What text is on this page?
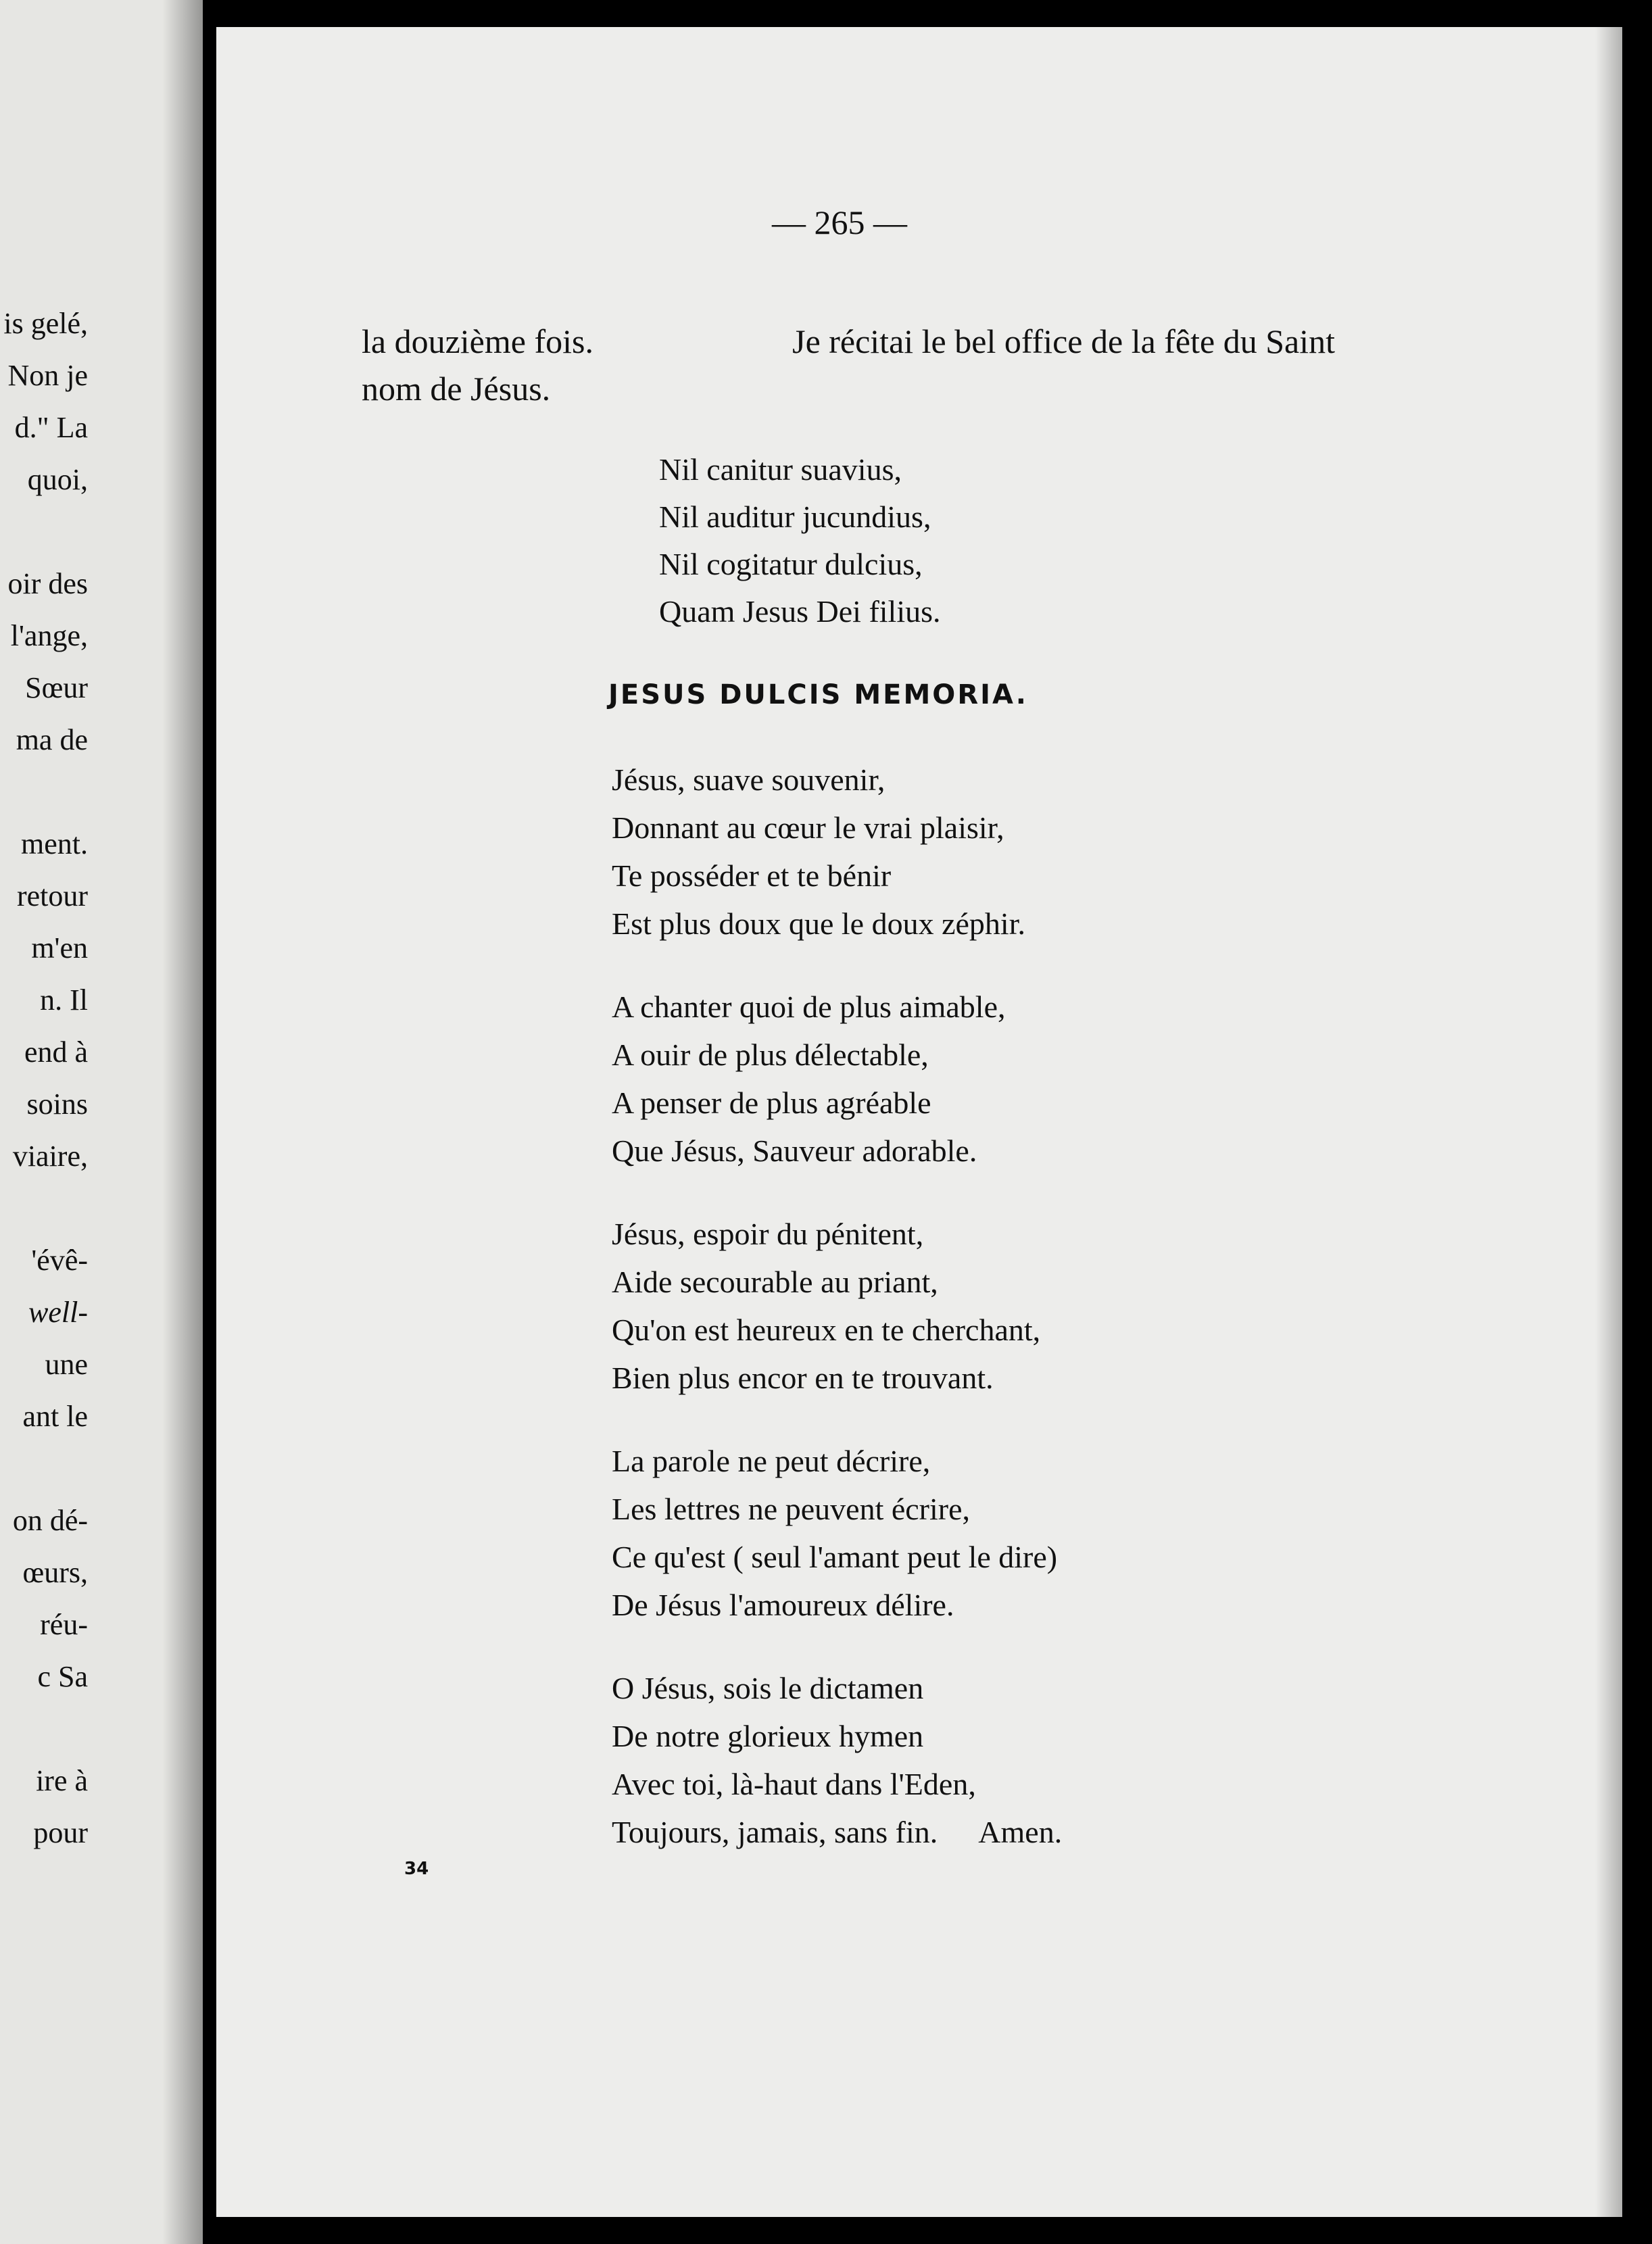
is gelé,
Non je
d." La
quoi,
oir des
l'ange,
Sœur
ma de
ment.
retour
m'en
n. Il
end à
soins
viaire,
'évê-
well-
une
ant le
on dé-
œurs,
réu-
c Sa
ire à
pour
— 265 —
la douzième fois.	Je récitai le bel office de la fête du Saint
nom de Jésus.
Nil canitur suavius,
Nil auditur jucundius,
Nil cogitatur dulcius,
Quam Jesus Dei filius.
JESUS DULCIS MEMORIA.
Jésus, suave souvenir,
Donnant au cœur le vrai plaisir,
Te posséder et te bénir
Est plus doux que le doux zéphir.
A chanter quoi de plus aimable,
A ouir de plus délectable,
A penser de plus agréable
Que Jésus, Sauveur adorable.
Jésus, espoir du pénitent,
Aide secourable au priant,
Qu'on est heureux en te cherchant,
Bien plus encor en te trouvant.
La parole ne peut décrire,
Les lettres ne peuvent écrire,
Ce qu'est ( seul l'amant peut le dire)
De Jésus l'amoureux délire.
O Jésus, sois le dictamen
De notre glorieux hymen
Avec toi, là-haut dans l'Eden,
Toujours, jamais, sans fin. Amen.
34
